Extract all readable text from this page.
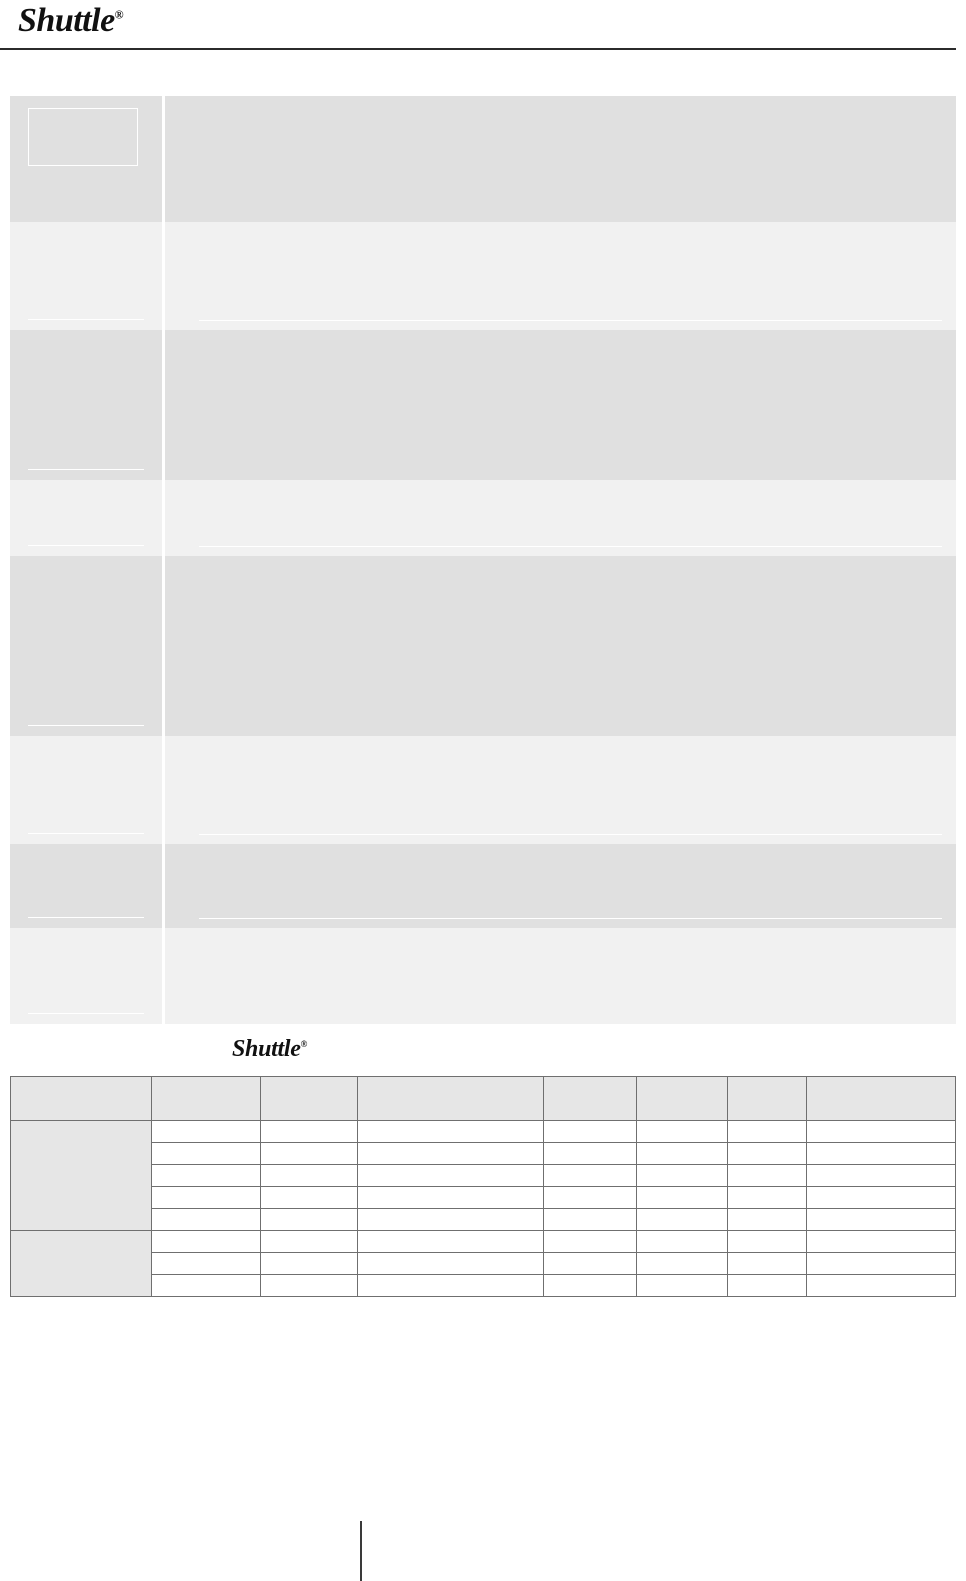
Shuttle®
Shuttle®
